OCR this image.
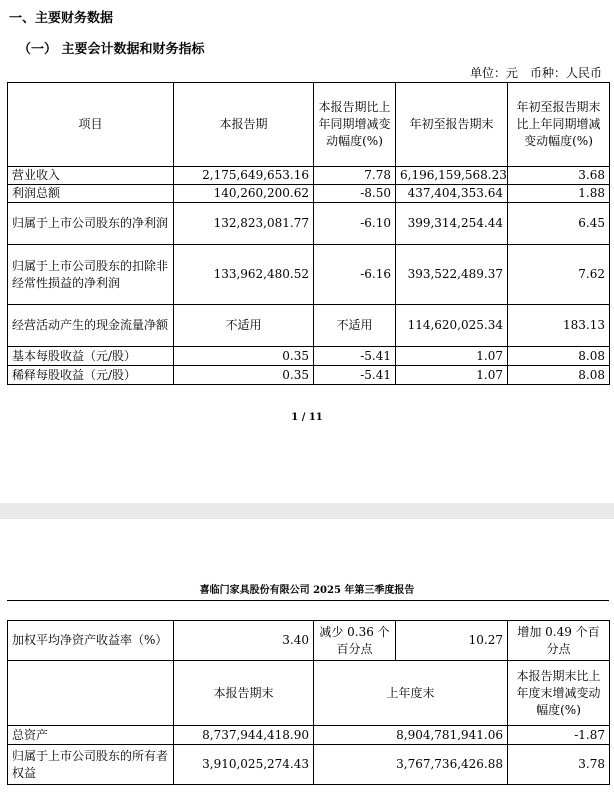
一、主要财务数据
（一） 主要会计数据和财务指标
单位：元　币种：人民币
项目	本报告期	本报告期比上年同期增减变动幅度(%)	年初至报告期末	年初至报告期末比上年同期增减变动幅度(%)
营业收入	2,175,649,653.16	7.78	6,196,159,568.23	3.68
利润总额	140,260,200.62	-8.50	437,404,353.64	1.88
归属于上市公司股东的净利润	132,823,081.77	-6.10	399,314,254.44	6.45
归属于上市公司股东的扣除非经常性损益的净利润	133,962,480.52	-6.16	393,522,489.37	7.62
经营活动产生的现金流量净额	不适用	不适用	114,620,025.34	183.13
基本每股收益（元/股）	0.35	-5.41	1.07	8.08
稀释每股收益（元/股）	0.35	-5.41	1.07	8.08
1 / 11
喜临门家具股份有限公司 2025 年第三季度报告
加权平均净资产收益率（%）	3.40	减少 0.36 个百分点	10.27	增加 0.49 个百分点
	本报告期末	上年度末		本报告期末比上年度末增减变动幅度(%)
总资产	8,737,944,418.90	8,904,781,941.06		-1.87
归属于上市公司股东的所有者权益	3,910,025,274.43	3,767,736,426.88		3.78
